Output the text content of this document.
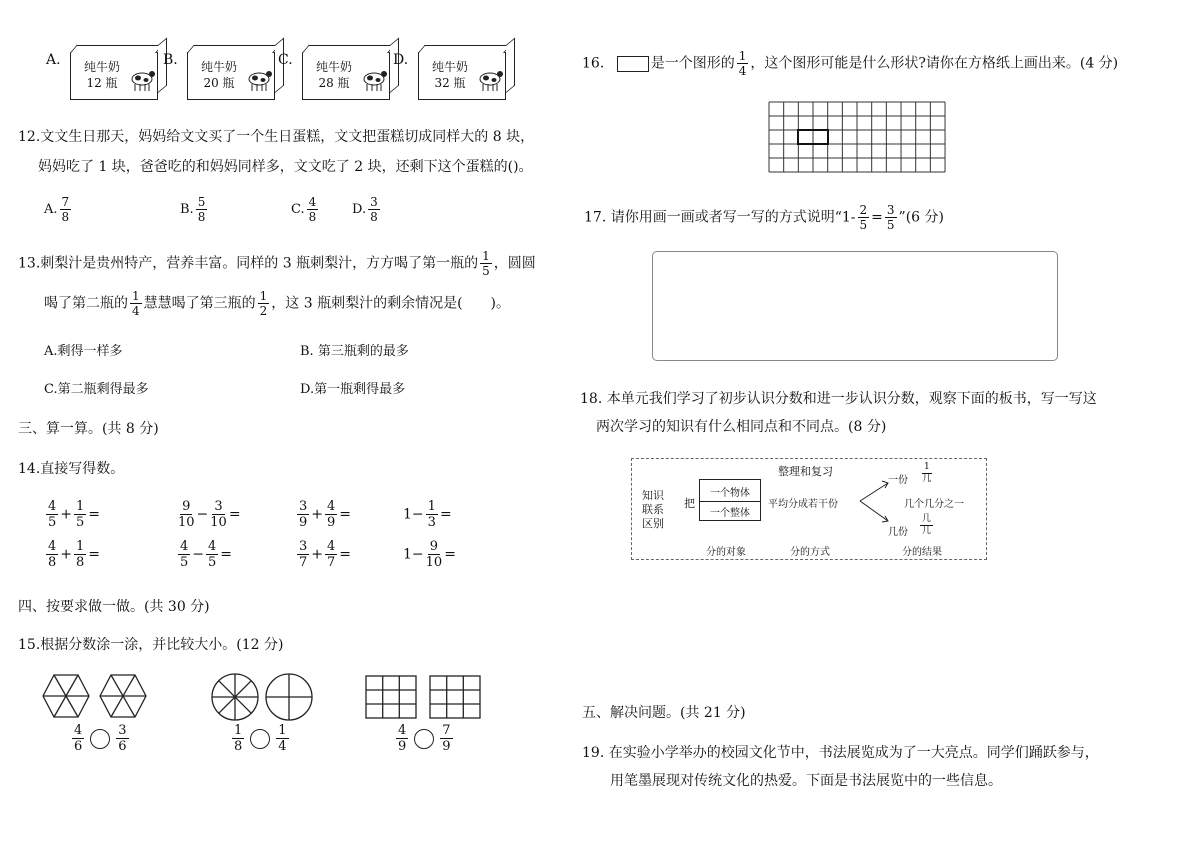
A. 纯牛奶
12 瓶
B. 纯牛奶
20 瓶
C. 纯牛奶
28 瓶
D. 纯牛奶
32 瓶
12.文文生日那天，妈妈给文文买了一个生日蛋糕，文文把蛋糕切成同样大的 8 块，
妈妈吃了 1 块，爸爸吃的和妈妈同样多，文文吃了 2 块，还剩下这个蛋糕的()。
A. $\frac{7}{8}$	B. $\frac{5}{8}$	C. $\frac{4}{8}$	D. $\frac{3}{8}$
13.刺梨汁是贵州特产，营养丰富。同样的 3 瓶刺梨汁，方方喝了第一瓶的 $\frac{1}{5}$ ，圆圆
喝了第二瓶的 $\frac{1}{4}$ 慧慧喝了第三瓶的 $\frac{1}{2}$ ，这 3 瓶刺梨汁的剩余情况是(　　)。
A.剩得一样多	B. 第三瓶剩的最多
C.第二瓶剩得最多	D.第一瓶剩得最多
三、算一算。(共 8 分)
14.直接写得数。
$\frac{4}{5} + \frac{1}{5}$ =	$\frac{9}{10} - \frac{3}{10}$ =	$\frac{3}{9} + \frac{4}{9}$ =	$1- \frac{1}{3}$ =
$\frac{4}{8} + \frac{1}{8}$ =	$\frac{4}{5} - \frac{4}{5}$ =	$\frac{3}{7} + \frac{4}{7}$ =	$1- \frac{9}{10}$ =
四、按要求做一做。(共 30 分)
15.根据分数涂一涂，并比较大小。(12 分)
$\frac{4}{6} \frac{3}{6}$	$\frac{1}{8} \frac{1}{4}$	$\frac{4}{9} \frac{7}{9}$
16.	是一个图形的 $\frac{1}{4}$ ，这个图形可能是什么形状?请你在方格纸上画出来。(4 分)
17. 请你用画一画或者写一写的方式说明“$1- \frac{2}{5} = \frac{3}{5}$ ”(6 分)
18. 本单元我们学习了初步认识分数和进一步认识分数，观察下面的板书，写一写这
两次学习的知识有什么相同点和不同点。(8 分)
整理和复习
知识
联系
区别
把
一个物体
一个整体
平均分成若干份
一份
1
几
几个几分之一
几份
几
几
分的对象	分的方式	分的结果
五、解决问题。(共 21 分)
19. 在实验小学举办的校园文化节中，书法展览成为了一大亮点。同学们踊跃参与，
用笔墨展现对传统文化的热爱。下面是书法展览中的一些信息。
